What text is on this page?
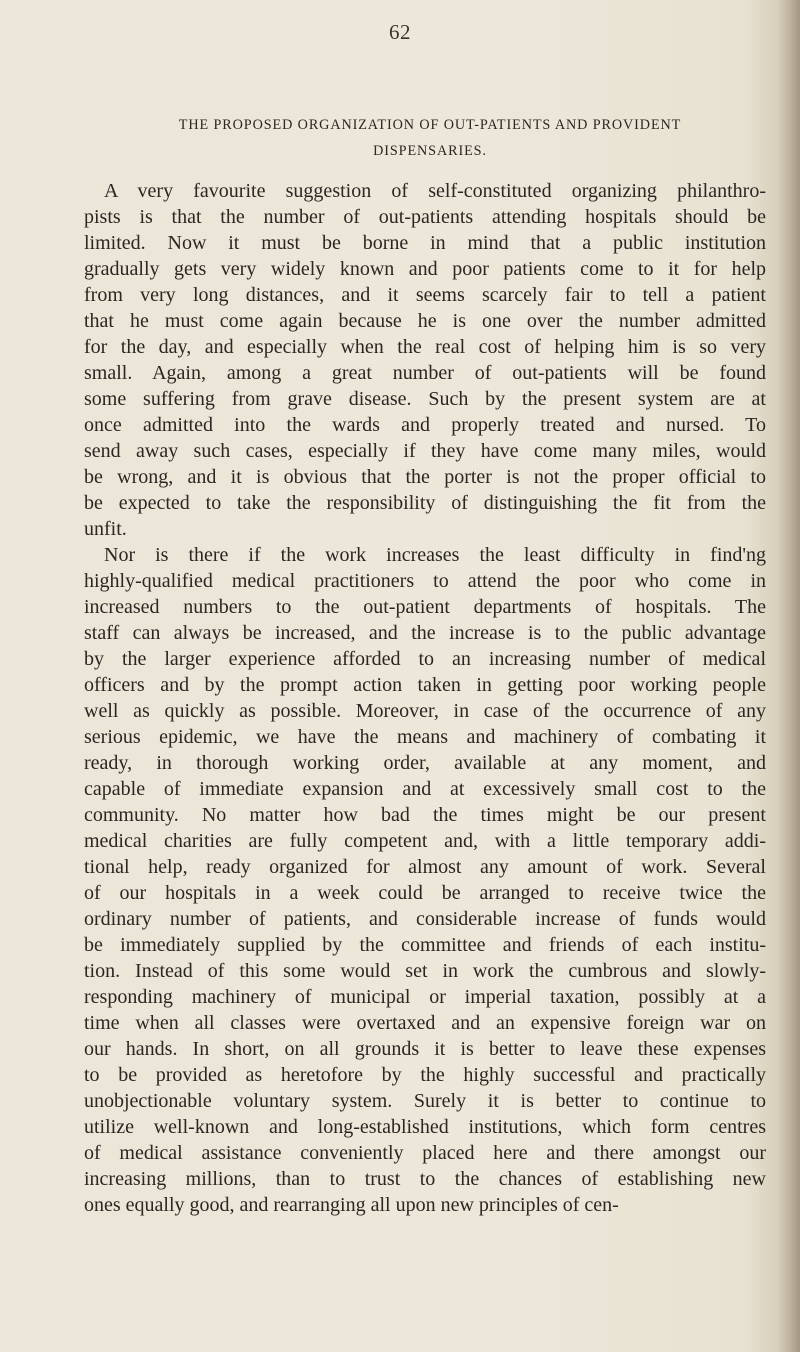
62
THE PROPOSED ORGANIZATION OF OUT-PATIENTS AND PROVIDENT
DISPENSARIES.
A very favourite suggestion of self-constituted organizing philanthro-
pists is that the number of out-patients attending hospitals should be
limited. Now it must be borne in mind that a public institution
gradually gets very widely known and poor patients come to it for help
from very long distances, and it seems scarcely fair to tell a patient
that he must come again because he is one over the number admitted
for the day, and especially when the real cost of helping him is so very
small. Again, among a great number of out-patients will be found
some suffering from grave disease. Such by the present system are at
once admitted into the wards and properly treated and nursed. To
send away such cases, especially if they have come many miles, would
be wrong, and it is obvious that the porter is not the proper official to
be expected to take the responsibility of distinguishing the fit from the
unfit.
Nor is there if the work increases the least difficulty in find'ng
highly-qualified medical practitioners to attend the poor who come in
increased numbers to the out-patient departments of hospitals. The
staff can always be increased, and the increase is to the public advantage
by the larger experience afforded to an increasing number of medical
officers and by the prompt action taken in getting poor working people
well as quickly as possible. Moreover, in case of the occurrence of any
serious epidemic, we have the means and machinery of combating it
ready, in thorough working order, available at any moment, and
capable of immediate expansion and at excessively small cost to the
community. No matter how bad the times might be our present
medical charities are fully competent and, with a little temporary addi-
tional help, ready organized for almost any amount of work. Several
of our hospitals in a week could be arranged to receive twice the
ordinary number of patients, and considerable increase of funds would
be immediately supplied by the committee and friends of each institu-
tion. Instead of this some would set in work the cumbrous and slowly-
responding machinery of municipal or imperial taxation, possibly at a
time when all classes were overtaxed and an expensive foreign war on
our hands. In short, on all grounds it is better to leave these expenses
to be provided as heretofore by the highly successful and practically
unobjectionable voluntary system. Surely it is better to continue to
utilize well-known and long-established institutions, which form centres
of medical assistance conveniently placed here and there amongst our
increasing millions, than to trust to the chances of establishing new
ones equally good, and rearranging all upon new principles of cen-
